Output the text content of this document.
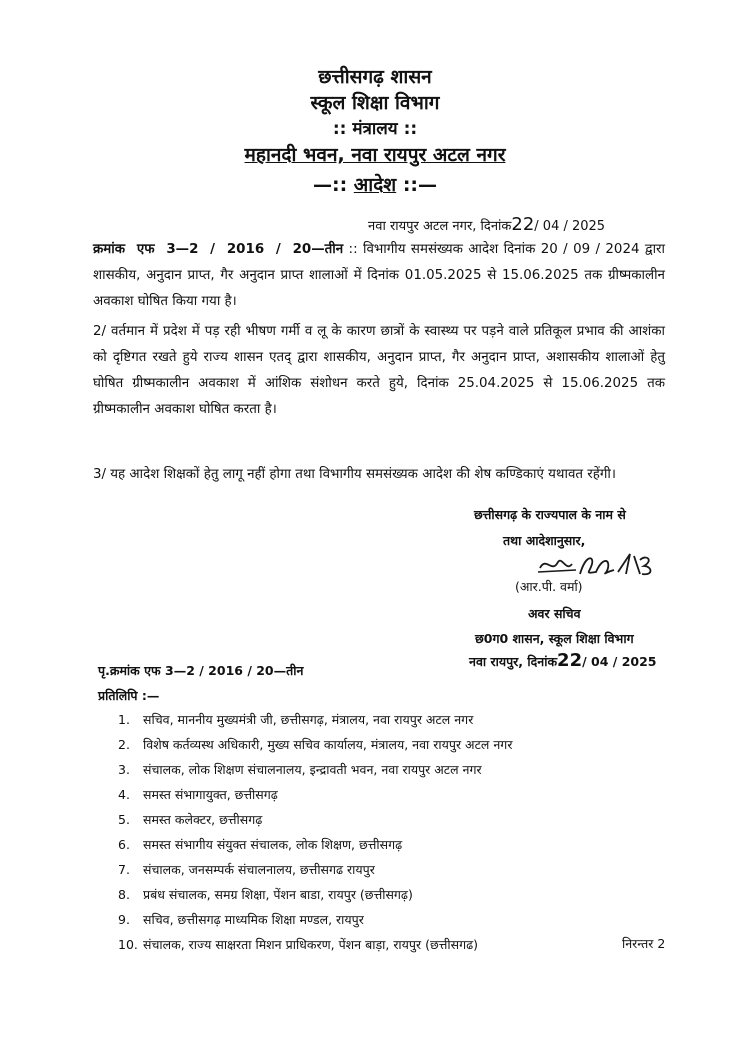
छत्तीसगढ़ शासन
स्कूल शिक्षा विभाग
:: मंत्रालय ::
महानदी भवन, नवा रायपुर अटल नगर
—:: आदेश ::—
नवा रायपुर अटल नगर, दिनांक22/ 04 / 2025
क्रमांक एफ 3—2 / 2016 / 20—तीन :: विभागीय समसंख्यक आदेश दिनांक 20 / 09 / 2024 द्वारा शासकीय, अनुदान प्राप्त, गैर अनुदान प्राप्त शालाओं में दिनांक 01.05.2025 से 15.06.2025 तक ग्रीष्मकालीन अवकाश घोषित किया गया है।
2/ वर्तमान में प्रदेश में पड़ रही भीषण गर्मी व लू के कारण छात्रों के स्वास्थ्य पर पड़ने वाले प्रतिकूल प्रभाव की आशंका को दृष्टिगत रखते हुये राज्य शासन एतद् द्वारा शासकीय, अनुदान प्राप्त, गैर अनुदान प्राप्त, अशासकीय शालाओं हेतु घोषित ग्रीष्मकालीन अवकाश में आंशिक संशोधन करते हुये, दिनांक 25.04.2025 से 15.06.2025 तक ग्रीष्मकालीन अवकाश घोषित करता है।
3/ यह आदेश शिक्षकों हेतु लागू नहीं होगा तथा विभागीय समसंख्यक आदेश की शेष कण्डिकाएं यथावत रहेंगी।
छत्तीसगढ़ के राज्यपाल के नाम से
तथा आदेशानुसार,
(आर.पी. वर्मा)
अवर सचिव
छ0ग0 शासन, स्कूल शिक्षा विभाग
नवा रायपुर, दिनांक22/ 04 / 2025
पृ.क्रमांक एफ 3—2 / 2016 / 20—तीन
प्रतिलिपि :—
1. सचिव, माननीय मुख्यमंत्री जी, छत्तीसगढ़, मंत्रालय, नवा रायपुर अटल नगर
2. विशेष कर्तव्यस्थ अधिकारी, मुख्य सचिव कार्यालय, मंत्रालय, नवा रायपुर अटल नगर
3. संचालक, लोक शिक्षण संचालनालय, इन्द्रावती भवन, नवा रायपुर अटल नगर
4. समस्त संभागायुक्त, छत्तीसगढ़
5. समस्त कलेक्टर, छत्तीसगढ़
6. समस्त संभागीय संयुक्त संचालक, लोक शिक्षण, छत्तीसगढ़
7. संचालक, जनसम्पर्क संचालनालय, छत्तीसगढ रायपुर
8. प्रबंध संचालक, समग्र शिक्षा, पेंशन बाडा, रायपुर (छत्तीसगढ़)
9. सचिव, छत्तीसगढ़ माध्यमिक शिक्षा मण्डल, रायपुर
10. संचालक, राज्य साक्षरता मिशन प्राधिकरण, पेंशन बाड़ा, रायपुर (छत्तीसगढ)	निरन्तर 2
